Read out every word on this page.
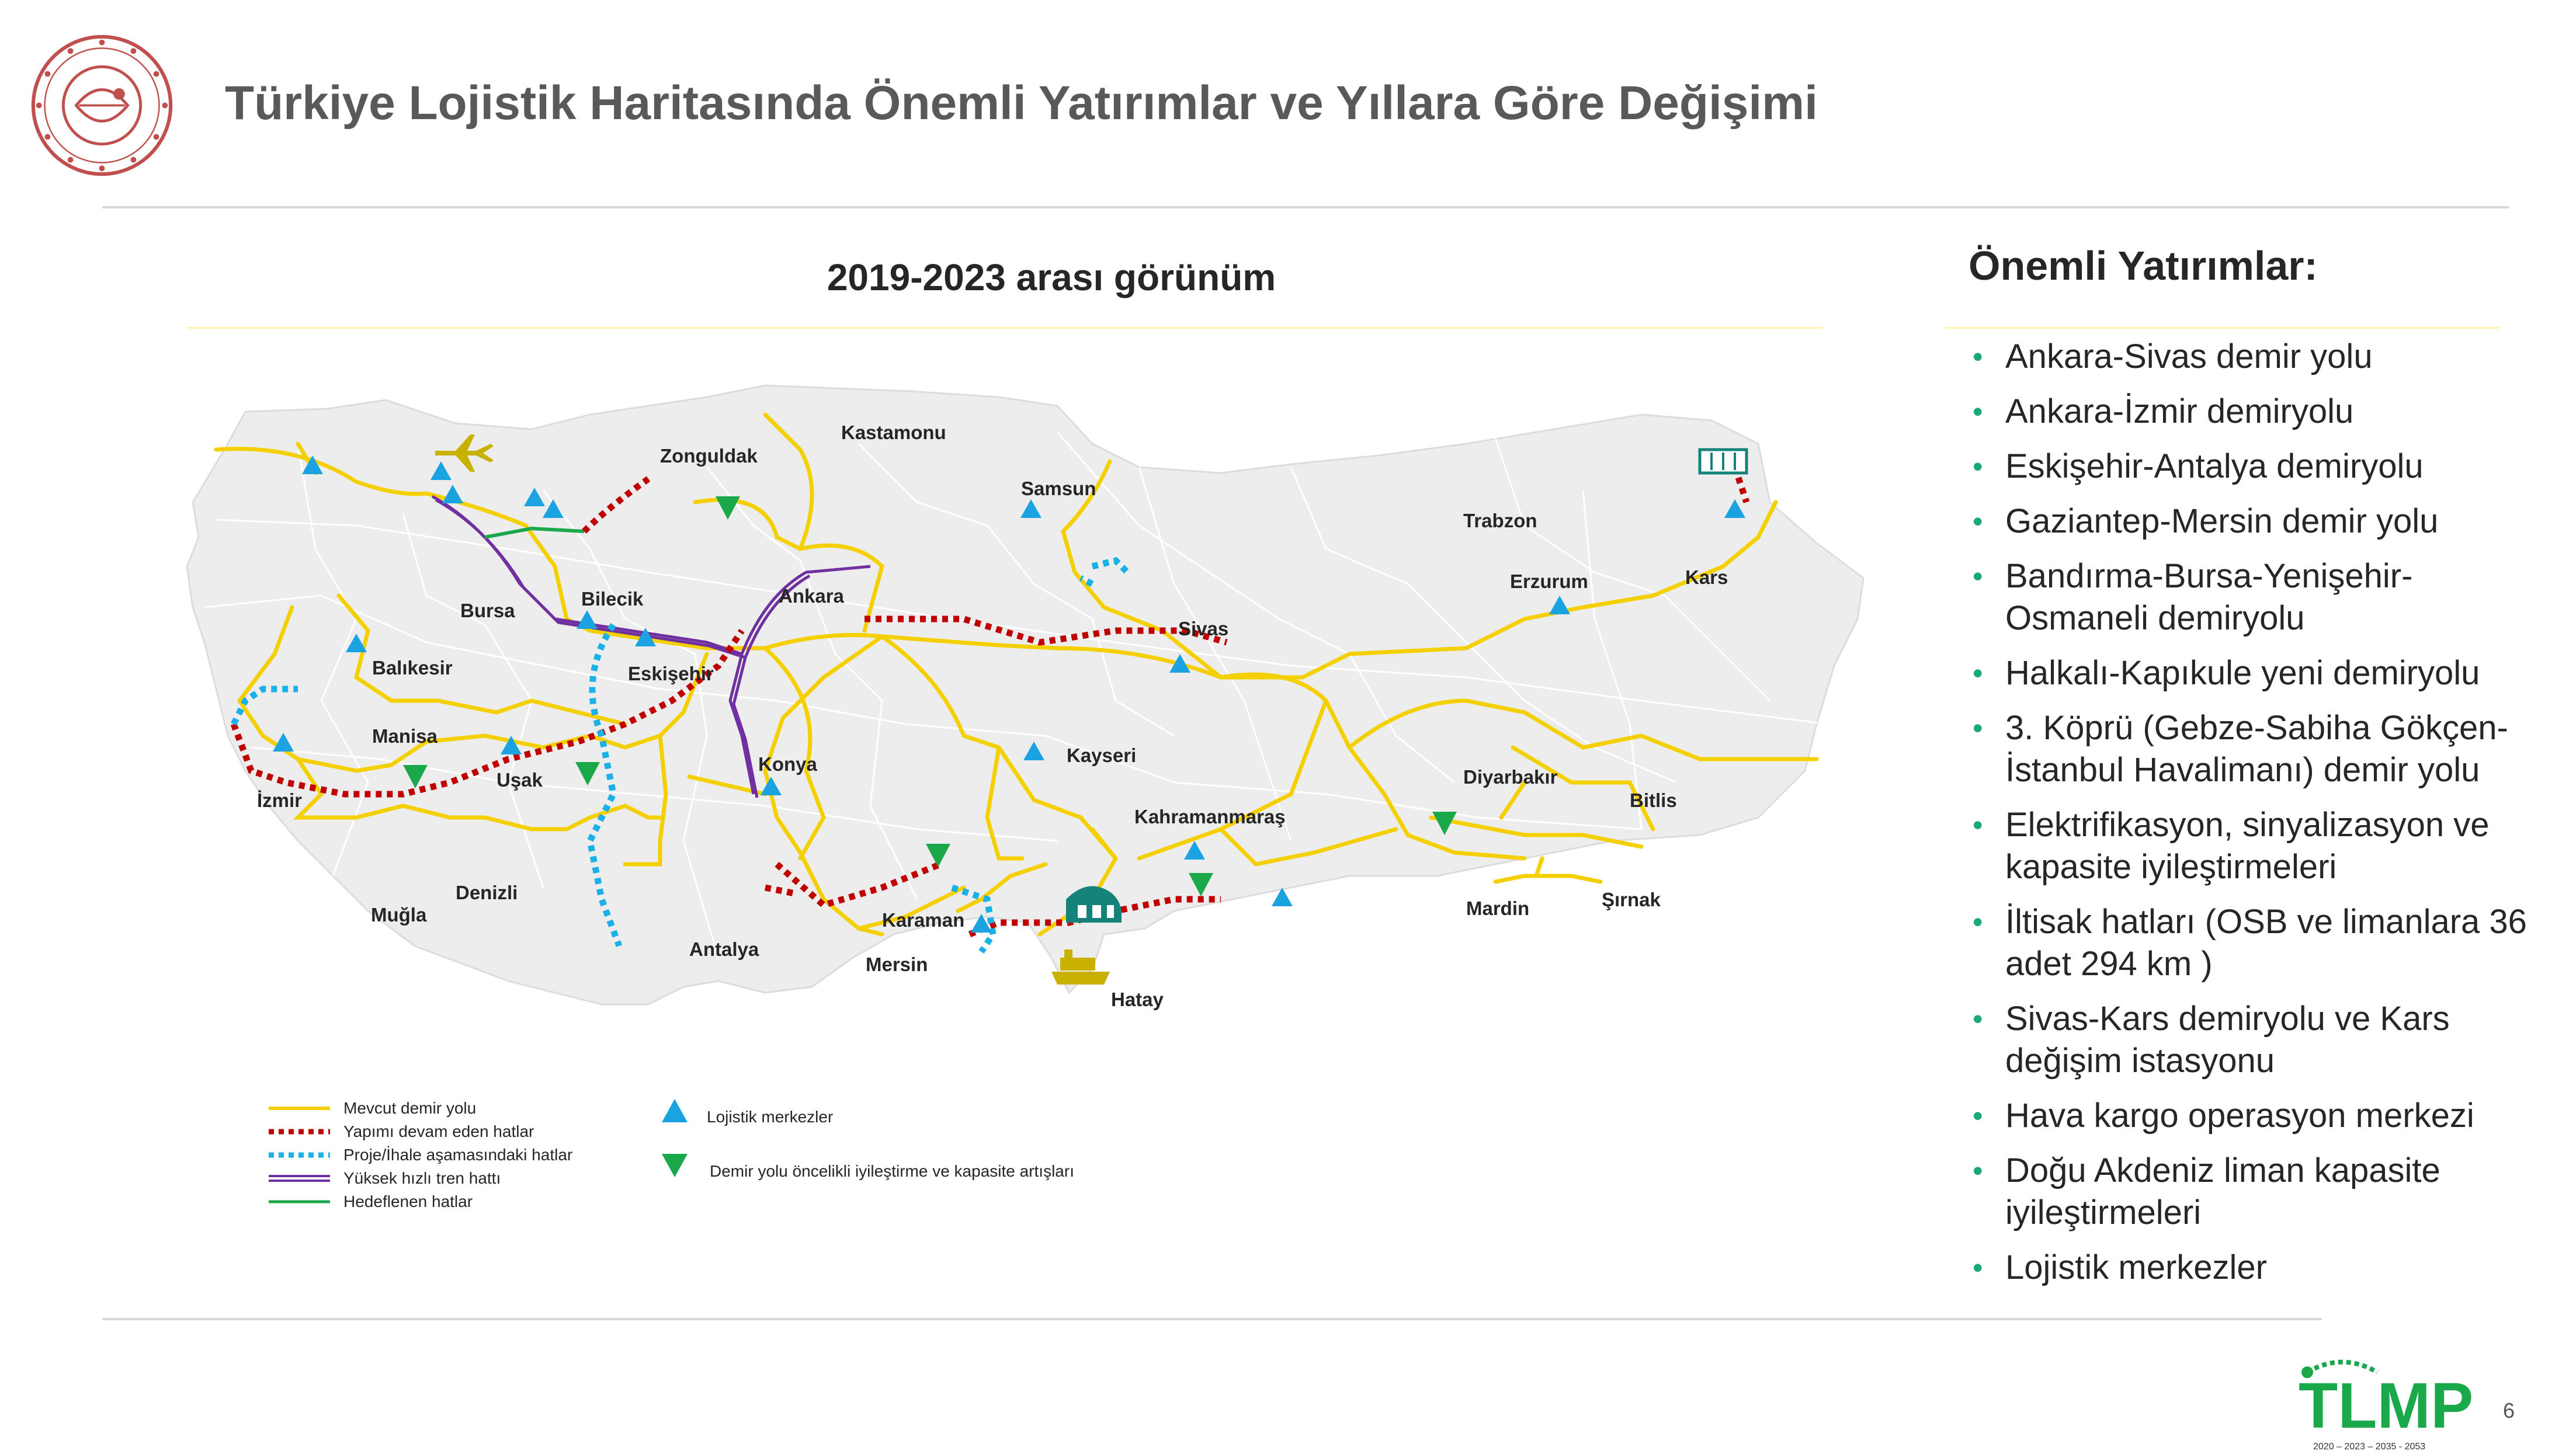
Türkiye Lojistik Haritasında Önemli Yatırımlar ve Yıllara Göre Değişimi
2019-2023 arası görünüm
Kastamonu
Zonguldak
Samsun
Trabzon
Erzurum	Kars
Bursa
Bilecik	Ankara
Sivas
Balıkesir	Eskişehir
Manisa
Kayseri
Diyarbakır
İzmir
Uşak
Konya
Kahramanmaraş
Bitlis
Denizli
Muğla	Karaman
Mardin	Şırnak
Antalya
Mersin
Hatay
Mevcut demir yolu
Yapımı devam eden hatlar
Proje/İhale aşamasındaki hatlar
Yüksek hızlı tren hattı
Hedeflenen hatlar
Lojistik merkezler
Demir yolu öncelikli iyileştirme ve kapasite artışları
Önemli Yatırımlar:
• Ankara-Sivas demir yolu
• Ankara-İzmir demiryolu
• Eskişehir-Antalya demiryolu
• Gaziantep-Mersin demir yolu
• Bandırma-Bursa-Yenişehir-Osmaneli demiryolu
• Halkalı-Kapıkule yeni demiryolu
• 3. Köprü (Gebze-Sabiha Gökçen-İstanbul Havalimanı) demir yolu
• Elektrifikasyon, sinyalizasyon ve kapasite iyileştirmeleri
• İltisak hatları (OSB ve limanlara 36 adet 294 km )
• Sivas-Kars demiryolu ve Kars değişim istasyonu
• Hava kargo operasyon merkezi
• Doğu Akdeniz liman kapasite iyileştirmeleri
• Lojistik merkezler
TLMP
2020 – 2023 – 2035 - 2053
6
